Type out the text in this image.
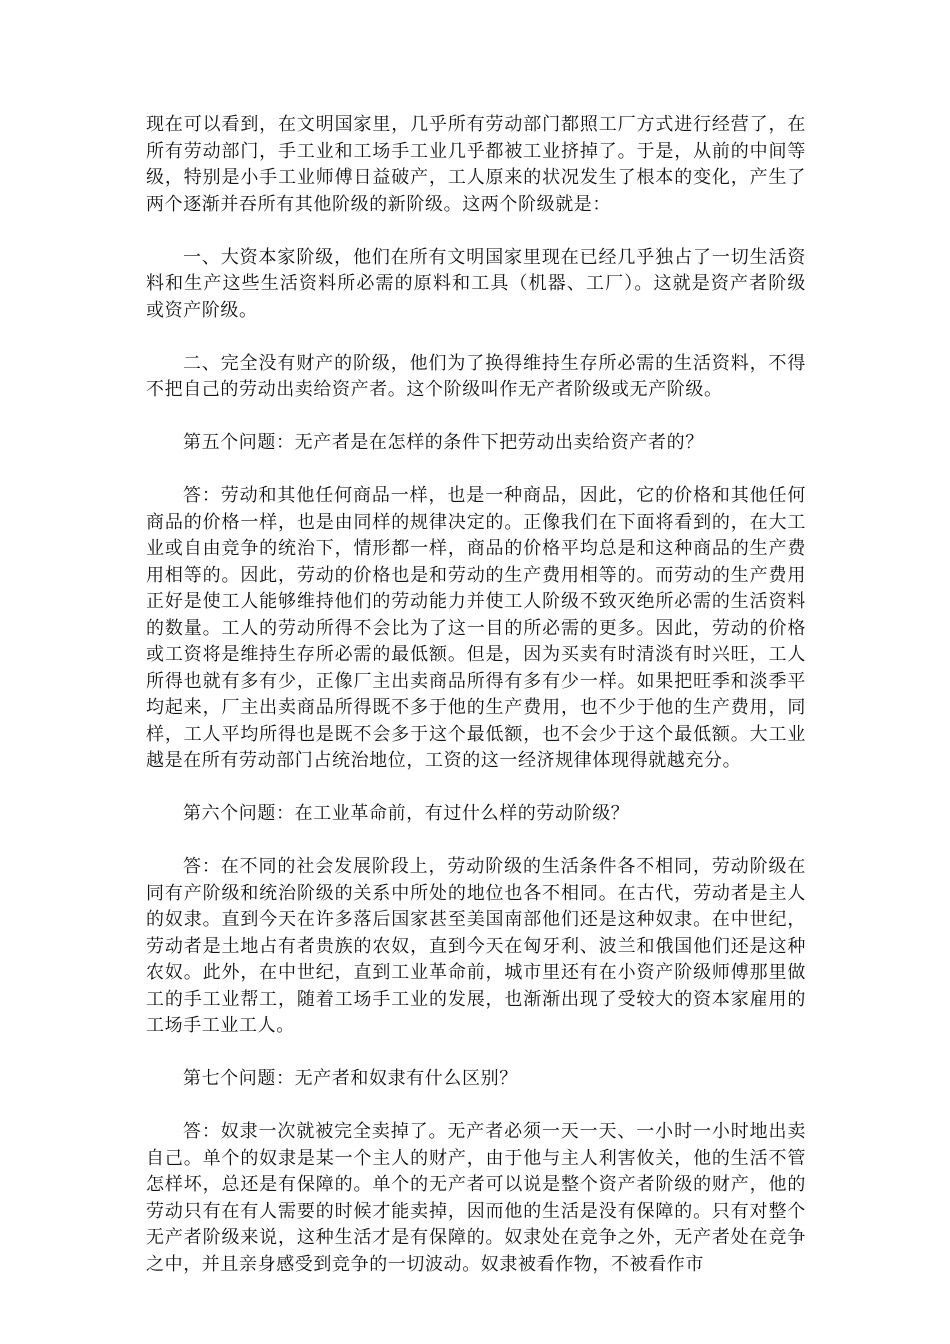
现在可以看到，在文明国家里，几乎所有劳动部门都照工厂方式进行经营了，在所有劳动部门，手工业和工场手工业几乎都被工业挤掉了。于是，从前的中间等级，特别是小手工业师傅日益破产，工人原来的状况发生了根本的变化，产生了两个逐渐并吞所有其他阶级的新阶级。这两个阶级就是：

一、大资本家阶级，他们在所有文明国家里现在已经几乎独占了一切生活资料和生产这些生活资料所必需的原料和工具（机器、工厂）。这就是资产者阶级或资产阶级。

二、完全没有财产的阶级，他们为了换得维持生存所必需的生活资料，不得不把自己的劳动出卖给资产者。这个阶级叫作无产者阶级或无产阶级。

第五个问题：无产者是在怎样的条件下把劳动出卖给资产者的？

答：劳动和其他任何商品一样，也是一种商品，因此，它的价格和其他任何商品的价格一样，也是由同样的规律决定的。正像我们在下面将看到的，在大工业或自由竞争的统治下，情形都一样，商品的价格平均总是和这种商品的生产费用相等的。因此，劳动的价格也是和劳动的生产费用相等的。而劳动的生产费用正好是使工人能够维持他们的劳动能力并使工人阶级不致灭绝所必需的生活资料的数量。工人的劳动所得不会比为了这一目的所必需的更多。因此，劳动的价格或工资将是维持生存所必需的最低额。但是，因为买卖有时清淡有时兴旺，工人所得也就有多有少，正像厂主出卖商品所得有多有少一样。如果把旺季和淡季平均起来，厂主出卖商品所得既不多于他的生产费用，也不少于他的生产费用，同样，工人平均所得也是既不会多于这个最低额，也不会少于这个最低额。大工业越是在所有劳动部门占统治地位，工资的这一经济规律体现得就越充分。

第六个问题：在工业革命前，有过什么样的劳动阶级？

答：在不同的社会发展阶段上，劳动阶级的生活条件各不相同，劳动阶级在同有产阶级和统治阶级的关系中所处的地位也各不相同。在古代，劳动者是主人的奴隶。直到今天在许多落后国家甚至美国南部他们还是这种奴隶。在中世纪，劳动者是土地占有者贵族的农奴，直到今天在匈牙利、波兰和俄国他们还是这种农奴。此外，在中世纪，直到工业革命前，城市里还有在小资产阶级师傅那里做工的手工业帮工，随着工场手工业的发展，也渐渐出现了受较大的资本家雇用的工场手工业工人。

第七个问题：无产者和奴隶有什么区别？

答：奴隶一次就被完全卖掉了。无产者必须一天一天、一小时一小时地出卖自己。单个的奴隶是某一个主人的财产，由于他与主人利害攸关，他的生活不管怎样坏，总还是有保障的。单个的无产者可以说是整个资产者阶级的财产，他的劳动只有在有人需要的时候才能卖掉，因而他的生活是没有保障的。只有对整个无产者阶级来说，这种生活才是有保障的。奴隶处在竞争之外，无产者处在竞争之中，并且亲身感受到竞争的一切波动。奴隶被看作物，不被看作市
